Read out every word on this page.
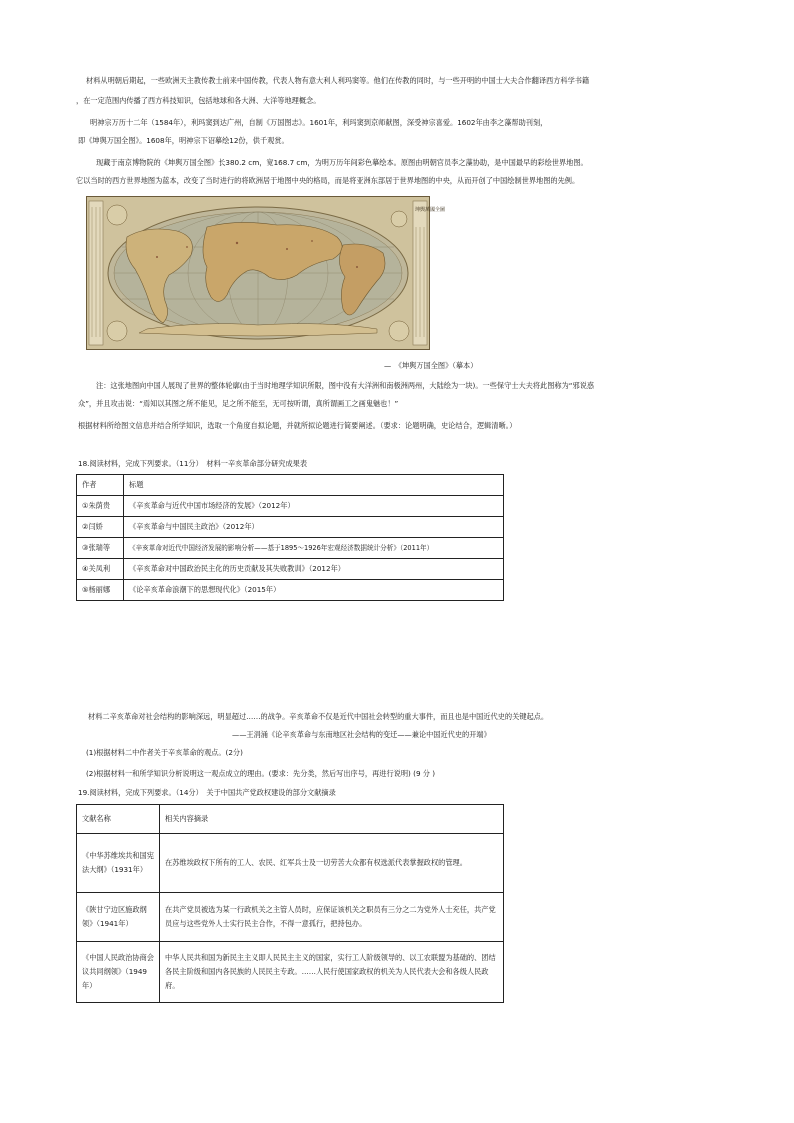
材料从明朝后期起，一些欧洲天主教传教士前来中国传教，代表人物有意大利人利玛窦等。他们在传教的同时，与一些开明的中国士大夫合作翻译西方科学书籍
，在一定范围内传播了西方科技知识，包括地球和各大洲、大洋等地理概念。
明神宗万历十二年（1584年），利玛窦到达广州，自制《万国图志》。1601年，利玛窦到京师献图，深受神宗喜爱。1602年由李之藻帮助刊刻，
即《坤舆万国全图》。1608年，明神宗下诏摹绘12份，供千观赏。
现藏于南京博物院的《坤舆万国全图》长380.2 cm，宽168.7 cm，为明万历年间彩色摹绘本。原图由明朝官员李之藻协助，是中国最早的彩绘世界地图。
它以当时的西方世界地图为蓝本，改变了当时进行的将欧洲居于地图中央的格局，而是将亚洲东部居于世界地图的中央，从而开创了中国绘制世界地图的先例。
坤輿萬國全圖
—　《坤舆万国全图》（摹本）
注：这张地图向中国人展现了世界的整体轮廓(由于当时地理学知识所限，图中没有大洋洲和南极洲两州，大陆绘为一块)。一些保守士大夫将此图称为“邪说惑
众”，并且攻击说：“焉知以其图之所不能见，足之所不能至，无可按听谓，真所谓画工之画鬼魅也！”
根据材料所给图文信息并结合所学知识，选取一个角度自拟论题，并就所拟论题进行简要阐述。（要求：论题明确，史论结合，逻辑清晰。）
18.阅读材料，完成下列要求。（11分）　材料一辛亥革命部分研究成果表
作者	标题
①朱荫贵	《辛亥革命与近代中国市场经济的发展》（2012年）
②闫娇	《辛亥革命与中国民主政治》（2012年）
③张瑞等	《辛亥革命对近代中国经济发展的影响分析——基于1895～1926年宏观经济数据统计分析》（2011年）
④关凤利	《辛亥革命对中国政治民主化的历史贡献及其失败教训》（2012年）
⑤杨丽娜	《论辛亥革命浪潮下的思想现代化》（2015年）
材料二辛亥革命对社会结构的影响深远，明显超过……的战争。辛亥革命不仅是近代中国社会转型的重大事件，而且也是中国近代史的关键起点。
——王涓涌《论辛亥革命与东南地区社会结构的变迁——兼论中国近代史的开端》
(1)根据材料二中作者关于辛亥革命的观点。(2分)
(2)根据材料一和所学知识分析说明这一观点成立的理由。(要求：先分类，然后写出序号，再进行说明) (9 分 )
19.阅读材料，完成下列要求。（14分）　关于中国共产党政权建设的部分文献摘录
文献名称	相关内容摘录
《中华苏维埃共和国宪法大纲》（1931年）	在苏维埃政权下所有的工人、农民、红军兵士及一切劳苦大众都有权选派代表掌握政权的管理。
《陕甘宁边区施政纲领》（1941年）	在共产党员被选为某一行政机关之主管人员时，应保证该机关之职员有三分之二为党外人士充任，共产党员应与这些党外人士实行民主合作，不得一意孤行，把持包办。
《中国人民政治协商会议共同纲领》（1949年）	中华人民共和国为新民主主义即人民民主主义的国家，实行工人阶级领导的、以工农联盟为基础的、团结各民主阶级和国内各民族的人民民主专政。……人民行使国家政权的机关为人民代表大会和各级人民政府。
